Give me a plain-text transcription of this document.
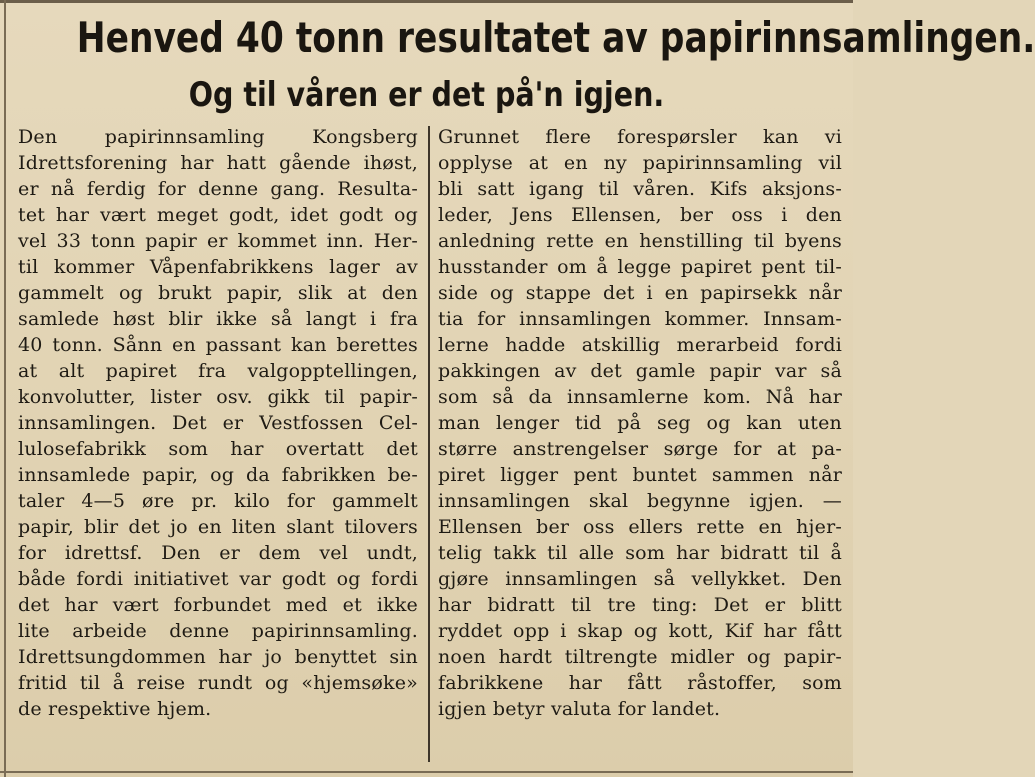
Henved 40 tonn resultatet av papirinnsamlingen.
Og til våren er det på'n igjen.
Den papirinnsamling Kongsberg
Idrettsforening har hatt gående ihøst,
er nå ferdig for denne gang. Resulta-
tet har vært meget godt, idet godt og
vel 33 tonn papir er kommet inn. Her-
til kommer Våpenfabrikkens lager av
gammelt og brukt papir, slik at den
samlede høst blir ikke så langt i fra
40 tonn. Sånn en passant kan berettes
at alt papiret fra valgopptellingen,
konvolutter, lister osv. gikk til papir-
innsamlingen. Det er Vestfossen Cel-
lulosefabrikk som har overtatt det
innsamlede papir, og da fabrikken be-
taler 4—5 øre pr. kilo for gammelt
papir, blir det jo en liten slant tilovers
for idrettsf. Den er dem vel undt,
både fordi initiativet var godt og fordi
det har vært forbundet med et ikke
lite arbeide denne papirinnsamling.
Idrettsungdommen har jo benyttet sin
fritid til å reise rundt og «hjemsøke»
de respektive hjem.
Grunnet flere forespørsler kan vi
opplyse at en ny papirinnsamling vil
bli satt igang til våren. Kifs aksjons-
leder, Jens Ellensen, ber oss i den
anledning rette en henstilling til byens
husstander om å legge papiret pent til-
side og stappe det i en papirsekk når
tia for innsamlingen kommer. Innsam-
lerne hadde atskillig merarbeid fordi
pakkingen av det gamle papir var så
som så da innsamlerne kom. Nå har
man lenger tid på seg og kan uten
større anstrengelser sørge for at pa-
piret ligger pent buntet sammen når
innsamlingen skal begynne igjen. —
Ellensen ber oss ellers rette en hjer-
telig takk til alle som har bidratt til å
gjøre innsamlingen så vellykket. Den
har bidratt til tre ting: Det er blitt
ryddet opp i skap og kott, Kif har fått
noen hardt tiltrengte midler og papir-
fabrikkene har fått råstoffer, som
igjen betyr valuta for landet.
